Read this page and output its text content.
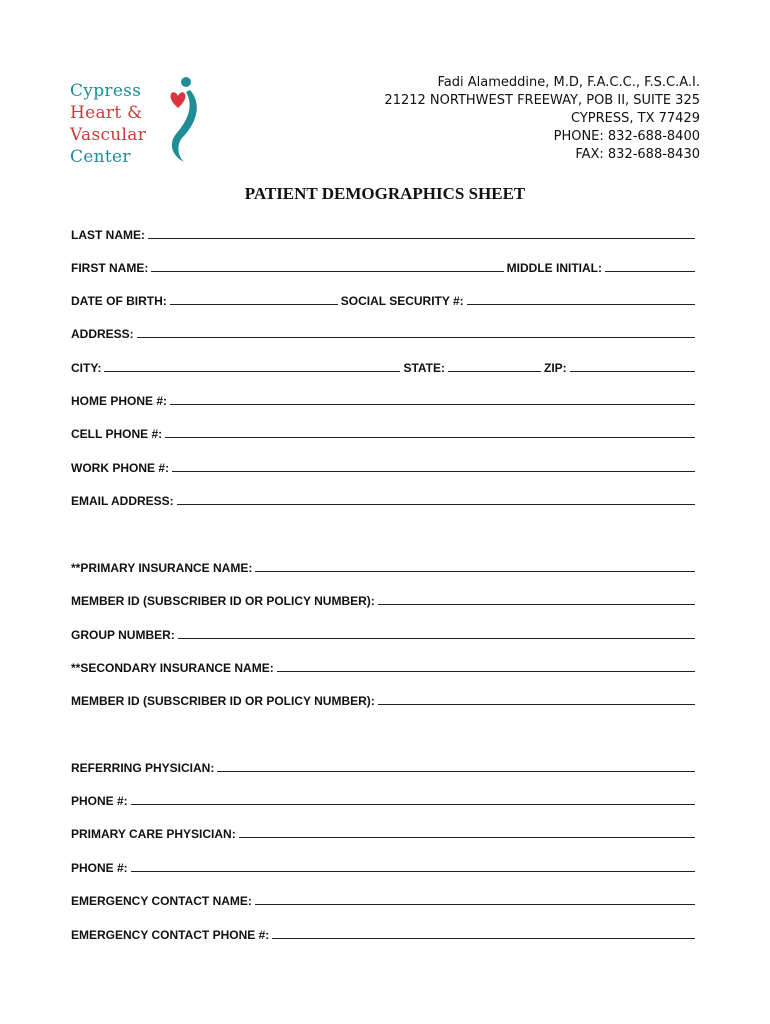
Cypress
Heart &
Vascular
Center
Fadi Alameddine, M.D, F.A.C.C., F.S.C.A.I.
21212 NORTHWEST FREEWAY, POB II, SUITE 325
CYPRESS, TX 77429
PHONE: 832-688-8400
FAX: 832-688-8430
PATIENT DEMOGRAPHICS SHEET
LAST NAME:
FIRST NAME:	MIDDLE INITIAL:
DATE OF BIRTH:	SOCIAL SECURITY #:
ADDRESS:
CITY:	STATE:	ZIP:
HOME PHONE #:
CELL PHONE #:
WORK PHONE #:
EMAIL ADDRESS:
**PRIMARY INSURANCE NAME:
MEMBER ID (SUBSCRIBER ID OR POLICY NUMBER):
GROUP NUMBER:
**SECONDARY INSURANCE NAME:
MEMBER ID (SUBSCRIBER ID OR POLICY NUMBER):
REFERRING PHYSICIAN:
PHONE #:
PRIMARY CARE PHYSICIAN:
PHONE #:
EMERGENCY CONTACT NAME:
EMERGENCY CONTACT PHONE #:
